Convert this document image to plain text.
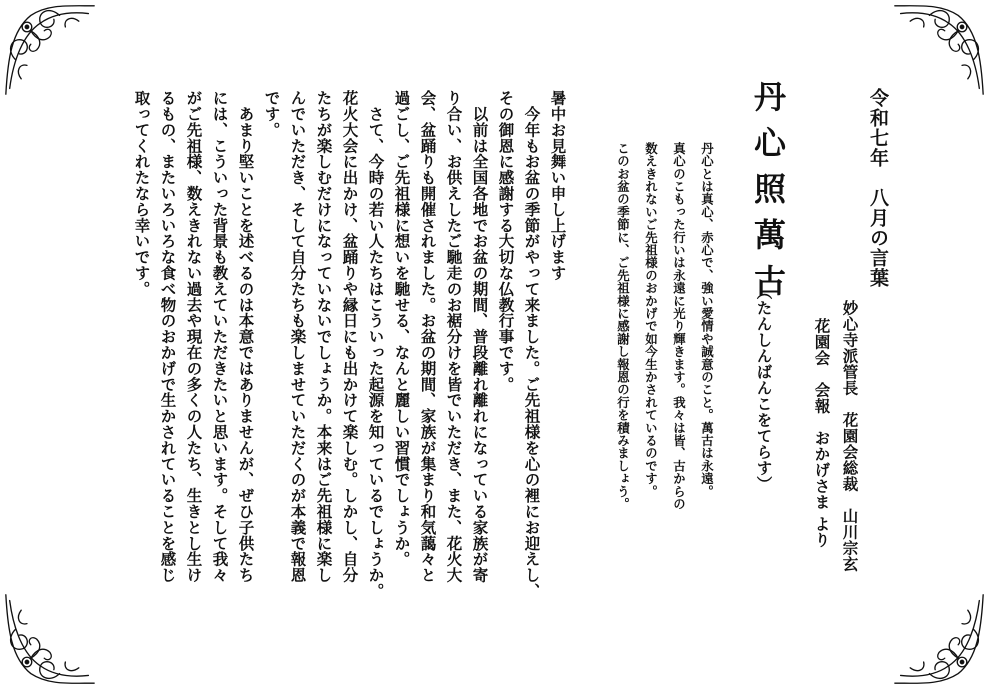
令和七年　八月の言葉
妙心寺派管長　花園会総裁　山川宗玄
花園会　会報　おかげさま より
丹心照萬古
（たんしんばんこをてらす）
丹心とは真心、赤心で、強い愛情や誠意のこと。萬古は永遠。
真心のこもった行いは永遠に光り輝きます。我々は皆、古からの
数えきれないご先祖様のおかげで如今生かされているのです。
このお盆の季節に、ご先祖様に感謝し報恩の行を積みましょう。
暑中お見舞い申し上げます
　今年もお盆の季節がやって来ました。ご先祖様を心の裡にお迎えし、
その御恩に感謝する大切な仏教行事です。
　以前は全国各地でお盆の期間、普段離れ離れになっている家族が寄
り合い、お供えしたご馳走のお裾分けを皆でいただき、また、花火大
会、盆踊りも開催されました。お盆の期間、家族が集まり和気藹々と
過ごし、ご先祖様に想いを馳せる、なんと麗しい習慣でしょうか。
　さて、今時の若い人たちはこういった起源を知っているでしょうか。
花火大会に出かけ、盆踊りや縁日にも出かけて楽しむ。しかし、自分
たちが楽しむだけになっていないでしょうか。本来はご先祖様に楽し
んでいただき、そして自分たちも楽しませていただくのが本義で報恩
です。
　あまり堅いことを述べるのは本意ではありませんが、ぜひ子供たち
には、こういった背景も教えていただきたいと思います。そして我々
がご先祖様、数えきれない過去や現在の多くの人たち、生きとし生け
るもの、またいろいろな食べ物のおかげで生かされていることを感じ
取ってくれたなら幸いです。
